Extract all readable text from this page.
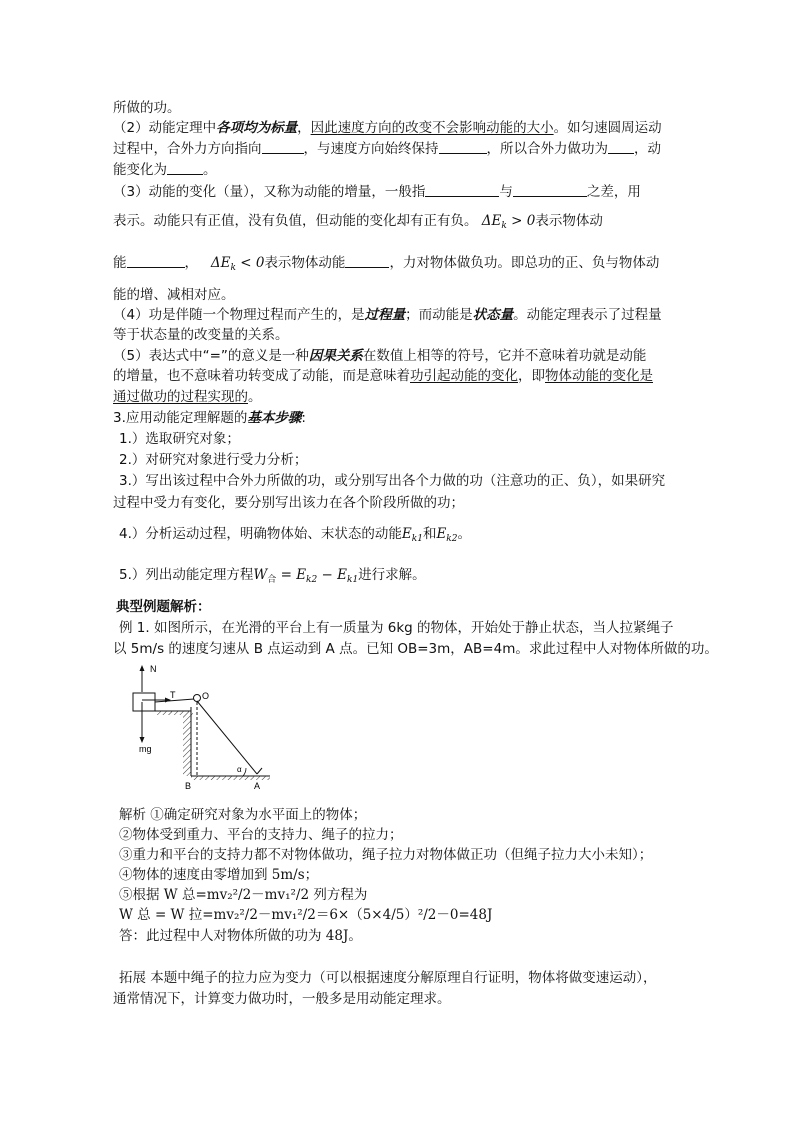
所做的功。
（2）动能定理中各项均为标量，因此速度方向的改变不会影响动能的大小。如匀速圆周运动
过程中，合外力方向指向	，与速度方向始终保持	，所以合外力做功为 ，动
能变化为	。
（3）动能的变化（量），又称为动能的增量，一般指	与	之差，用
表示。动能只有正值，没有负值，但动能的变化却有正有负。 $\Delta E_k > 0$表示物体动
能	， $\Delta E_k < 0$表示物体动能	，力对物体做负功。即总功的正、负与物体动
能的增、减相对应。
（4）功是伴随一个物理过程而产生的，是过程量；而动能是状态量。动能定理表示了过程量
等于状态量的改变量的关系。
（5）表达式中“=”的意义是一种因果关系在数值上相等的符号，它并不意味着功就是动能
的增量，也不意味着功转变成了动能，而是意味着功引起动能的变化，即物体动能的变化是
通过做功的过程实现的。
3.应用动能定理解题的基本步骤:
1.）选取研究对象；
2.）对研究对象进行受力分析；
3.）写出该过程中合外力所做的功，或分别写出各个力做的功（注意功的正、负），如果研究
过程中受力有变化，要分别写出该力在各个阶段所做的功；
4.）分析运动过程，明确物体始、末状态的动能$E_{k1}$和$E_{k2}$。
5.）列出动能定理方程$W_合 = E_{k2} - E_{k1}$进行求解。
典型例题解析：
例 1. 如图所示，在光滑的平台上有一质量为 6kg 的物体，开始处于静止状态，当人拉紧绳子
以 5m/s 的速度匀速从 B 点运动到 A 点。已知 OB=3m，AB=4m。求此过程中人对物体所做的功。
N
T
mg
O
α
B	A
解析 ①确定研究对象为水平面上的物体；
②物体受到重力、平台的支持力、绳子的拉力；
③重力和平台的支持力都不对物体做功，绳子拉力对物体做正功（但绳子拉力大小未知）；
④物体的速度由零增加到 5m/s；
⑤根据 W 总=mv₂²/2－mv₁²/2 列方程为
W 总 = W 拉=mv₂²/2－mv₁²/2＝6×（5×4/5）²/2－0=48J
答：此过程中人对物体所做的功为 48J。
拓展 本题中绳子的拉力应为变力（可以根据速度分解原理自行证明，物体将做变速运动），
通常情况下，计算变力做功时，一般多是用动能定理求。
